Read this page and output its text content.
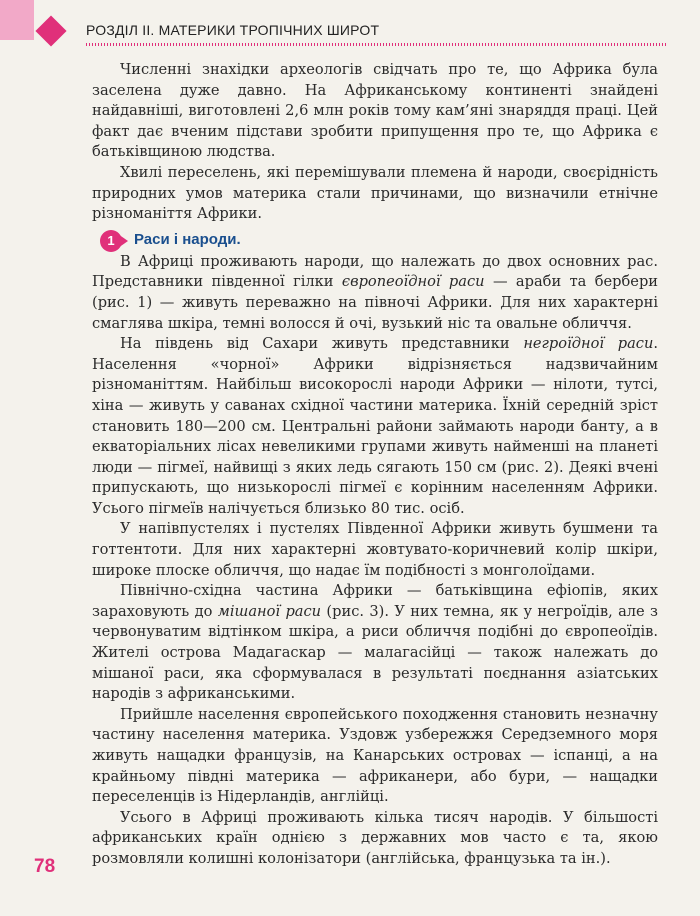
РОЗДІЛ ІІ. МАТЕРИКИ ТРОПІЧНИХ ШИРОТ

Численні знахідки археологів свідчать про те, що Африка була заселена дуже давно. На Африканському континенті знайдені найдавніші, виготовлені 2,6 млн років тому кам’яні знаряддя праці. Цей факт дає вченим підстави зробити припущення про те, що Африка є батьківщиною людства.

Хвилі переселень, які перемішували племена й народи, своєрідність природних умов материка стали причинами, що визначили етнічне різноманіття Африки.

1	Раси і народи.

В Африці проживають народи, що належать до двох основних рас. Представники південної гілки європеоїдної раси — араби та бербери (рис. 1) — живуть переважно на півночі Африки. Для них характерні смаглява шкіра, темні волосся й очі, вузький ніс та овальне обличчя.

На південь від Сахари живуть представники негроїдної раси. Населення «чорної» Африки відрізняється надзвичайним різноманіттям. Найбільш високорослі народи Африки — нілоти, тутсі, хіна — живуть у саванах східної частини материка. Їхній середній зріст становить 180—200 см. Центральні райони займають народи банту, а в екваторіальних лісах невеликими групами живуть найменші на планеті люди — пігмеї, найвищі з яких ледь сягають 150 см (рис. 2). Деякі вчені припускають, що низькорослі пігмеї є корінним населенням Африки. Усього пігмеїв налічується близько 80 тис. осіб.

У напівпустелях і пустелях Південної Африки живуть бушмени та готтентоти. Для них характерні жовтувато-коричневий колір шкіри, широке плоске обличчя, що надає їм подібності з монголоїдами.

Північно-східна частина Африки — батьківщина ефіопів, яких зараховують до мішаної раси (рис. 3). У них темна, як у негроїдів, але з червонуватим відтінком шкіра, а риси обличчя подібні до європеоїдів. Жителі острова Мадагаскар — малагасійці — також належать до мішаної раси, яка сформувалася в результаті поєднання азіатських народів з африканськими.

Прийшле населення європейського походження становить незначну частину населення материка. Уздовж узбережжя Середземного моря живуть нащадки французів, на Канарських островах — іспанці, а на крайньому півдні материка — африканери, або бури, — нащадки переселенців із Нідерландів, англійці.

Усього в Африці проживають кілька тисяч народів. У більшості африканських країн однією з державних мов часто є та, якою розмовляли колишні колонізатори (англійська, французька та ін.).

78
